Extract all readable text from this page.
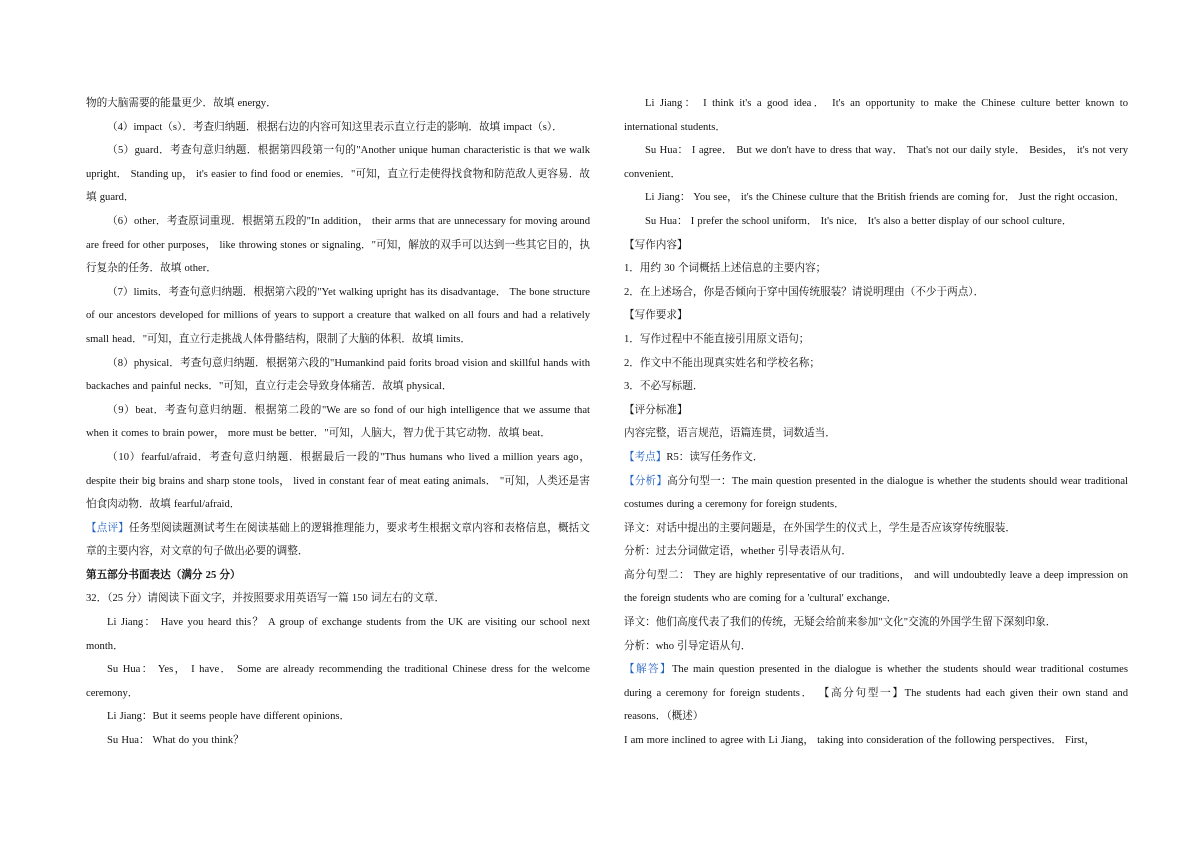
物的大脑需要的能量更少．故填 energy．

（4）impact（s）．考查归纳题．根据右边的内容可知这里表示直立行走的影响．故填 impact（s）．

（5）guard．考查句意归纳题．根据第四段第一句的"Another unique human characteristic is that we walk upright． Standing up， it's easier to find food or enemies．"可知，直立行走使得找食物和防范敌人更容易．故填 guard．

（6）other．考查原词重现．根据第五段的"In addition， their arms that are unnecessary for moving around are freed for other purposes， like throwing stones or signaling．"可知，解放的双手可以达到一些其它目的，执行复杂的任务．故填 other．

（7）limits．考查句意归纳题．根据第六段的"Yet walking upright has its disadvantage． The bone structure of our ancestors developed for millions of years to support a creature that walked on all fours and had a relatively small head．"可知，直立行走挑战人体骨骼结构，限制了大脑的体积．故填 limits．

（8）physical．考查句意归纳题．根据第六段的"Humankind paid forits broad vision and skillful hands with backaches and painful necks．"可知，直立行走会导致身体痛苦．故填 physical．

（9）beat．考查句意归纳题．根据第二段的"We are so fond of our high intelligence that we assume that when it comes to brain power， more must be better．"可知，人脑大，智力优于其它动物．故填 beat．

（10）fearful/afraid．考查句意归纳题．根据最后一段的"Thus humans who lived a million years ago， despite their big brains and sharp stone tools， lived in constant fear of meat eating animals． "可知，人类还是害怕食肉动物．故填 fearful/afraid．

【点评】任务型阅读题测试考生在阅读基础上的逻辑推理能力，要求考生根据文章内容和表格信息，概括文章的主要内容，对文章的句子做出必要的调整．

第五部分书面表达（满分 25 分）

32．（25 分）请阅读下面文字，并按照要求用英语写一篇 150 词左右的文章．

Li Jiang： Have you heard this？ A group of exchange students from the UK are visiting our school next month．

Su Hua： Yes， I have． Some are already recommending the traditional Chinese dress for the welcome ceremony．

Li Jiang：But it seems people have different opinions．

Su Hua： What do you think？

Li Jiang： I think it's a good idea． It's an opportunity to make the Chinese culture better known to international students．

Su Hua： I agree． But we don't have to dress that way． That's not our daily style． Besides， it's not very convenient．

Li Jiang： You see， it's the Chinese culture that the British friends are coming for． Just the right occasion．

Su Hua： I prefer the school uniform． It's nice． It's also a better display of our school culture．

【写作内容】

1．用约 30 个词概括上述信息的主要内容；

2．在上述场合，你是否倾向于穿中国传统服装？请说明理由（不少于两点）．

【写作要求】

1．写作过程中不能直接引用原文语句；

2．作文中不能出现真实姓名和学校名称；

3．不必写标题．

【评分标准】

内容完整，语言规范，语篇连贯，词数适当．

【考点】R5：读写任务作文．

【分析】高分句型一：The main question presented in the dialogue is whether the students should wear traditional costumes during a ceremony for foreign students．

译文：对话中提出的主要问题是，在外国学生的仪式上，学生是否应该穿传统服装．

分析：过去分词做定语，whether 引导表语从句．

高分句型二： They are highly representative of our traditions， and will undoubtedly leave a deep impression on the foreign students who are coming for a 'cultural' exchange．

译文：他们高度代表了我们的传统，无疑会给前来参加"文化"交流的外国学生留下深刻印象．

分析：who 引导定语从句．

【解答】The main question presented in the dialogue is whether the students should wear traditional costumes during a ceremony for foreign students． 【高分句型一】The students had each given their own stand and reasons．（概述）

I am more inclined to agree with Li Jiang， taking into consideration of the following perspectives． First，
